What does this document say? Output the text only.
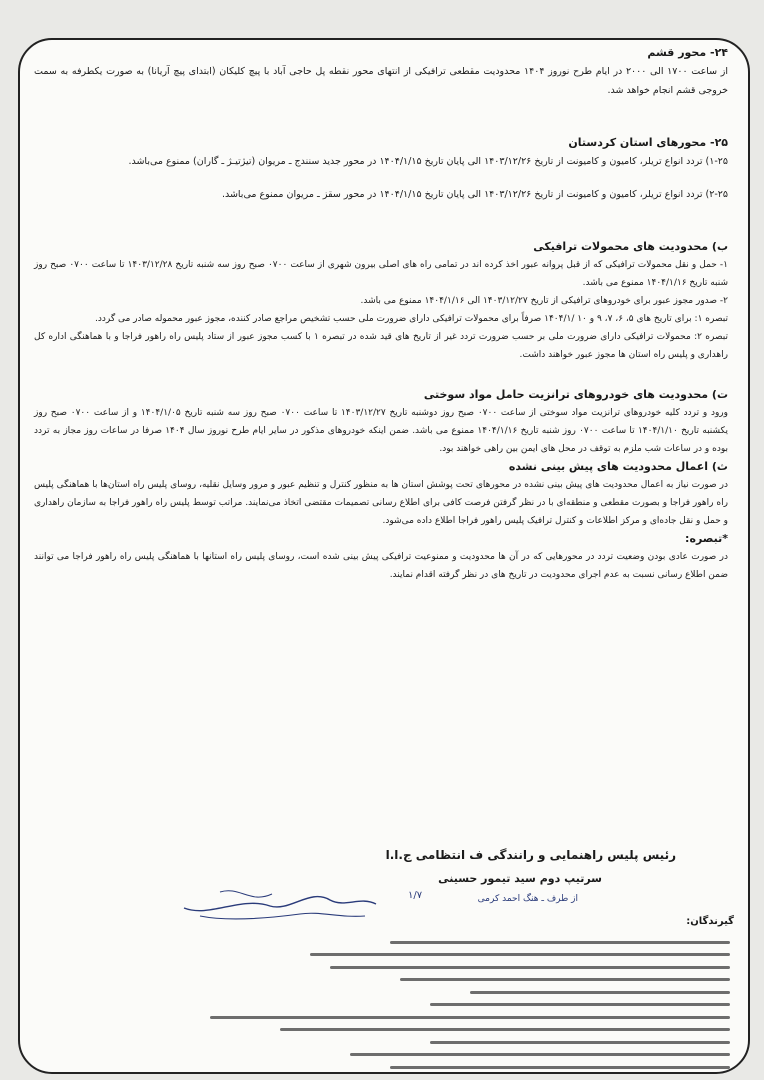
۲۴- محور قشم

از ساعت ۱۷۰۰ الی ۲۰۰۰ در ایام طرح نوروز ۱۴۰۴ محدودیت مقطعی ترافیکی از انتهای محور نقطه پل حاجی آباد با پیچ کلیکان (ابتدای پیچ آریانا) به صورت یکطرفه به سمت خروجی قشم انجام خواهد شد.

۲۵- محورهای استان کردستان

۱-۲۵) تردد انواع تریلر، کامیون و کامیونت از تاریخ ۱۴۰۳/۱۲/۲۶ الی پایان تاریخ ۱۴۰۴/۱/۱۵ در محور جدید سنندج ـ مریوان (تیژتیـژ ـ گاران) ممنوع می‌باشد.

۲-۲۵) تردد انواع تریلر، کامیون و کامیونت از تاریخ ۱۴۰۳/۱۲/۲۶ الی پایان تاریخ ۱۴۰۴/۱/۱۵ در محور سقز ـ مریوان ممنوع می‌باشد.

ب) محدودیت های محمولات ترافیکی

۱- حمل و نقل محمولات ترافیکی که از قبل پروانه عبور اخذ کرده اند در تمامی راه های اصلی بیرون شهری از ساعت ۰۷۰۰ صبح روز سه شنبه تاریخ ۱۴۰۳/۱۲/۲۸ تا ساعت ۰۷۰۰ صبح روز شنبه تاریخ ۱۴۰۴/۱/۱۶ ممنوع می باشد.

۲- صدور مجوز عبور برای خودروهای ترافیکی از تاریخ ۱۴۰۳/۱۲/۲۷ الی ۱۴۰۴/۱/۱۶ ممنوع می باشد.

تبصره ۱: برای تاریخ های ۵، ۶، ۷، ۹ و ۱۰ /۱۴۰۴/۱ صرفاً برای محمولات ترافیکی دارای ضرورت ملی حسب تشخیص مراجع صادر کننده، مجوز عبور محموله صادر می گردد.

تبصره ۲: محمولات ترافیکی دارای ضرورت ملی بر حسب ضرورت تردد غیر از تاریخ های قید شده در تبصره ۱ با کسب مجوز عبور از ستاد پلیس راه راهور فراجا و با هماهنگی اداره کل راهداری و پلیس راه استان ها مجوز عبور خواهند داشت.

ت) محدودیت های خودروهای ترانزیت حامل مواد سوختی

ورود و تردد کلیه خودروهای ترانزیت مواد سوختی از ساعت ۰۷۰۰ صبح روز دوشنبه تاریخ ۱۴۰۳/۱۲/۲۷ تا ساعت ۰۷۰۰ صبح روز سه شنبه تاریخ ۱۴۰۴/۱/۰۵ و از ساعت ۰۷۰۰ صبح روز یکشنبه تاریخ ۱۴۰۴/۱/۱۰ تا ساعت ۰۷۰۰ روز شنبه تاریخ ۱۴۰۴/۱/۱۶ ممنوع می باشد. ضمن اینکه خودروهای مذکور در سایر ایام طرح نوروز سال ۱۴۰۴ صرفا در ساعات روز مجاز به تردد بوده و در ساعات شب ملزم به توقف در محل های ایمن بین راهی خواهند بود.

ث) اعمال محدودیت های پیش بینی نشده

در صورت نیاز به اعمال محدودیت های پیش بینی نشده در محورهای تحت پوشش استان ها به منظور کنترل و تنظیم عبور و مرور وسایل نقلیه، روسای پلیس راه استان‌ها با هماهنگی پلیس راه راهور فراجا و بصورت مقطعی و منطقه‌ای با در نظر گرفتن فرصت کافی برای اطلاع رسانی تصمیمات مقتضی اتخاذ می‌نمایند. مراتب توسط پلیس راه راهور فراجا به سازمان راهداری و حمل و نقل جاده‌ای و مرکز اطلاعات و کنترل ترافیک پلیس راهور فراجا اطلاع داده می‌شود.

*تبصره:

در صورت عادی بودن وضعیت تردد در محورهایی که در آن ها محدودیت و ممنوعیت ترافیکی پیش بینی شده است، روسای پلیس راه استانها با هماهنگی پلیس راه راهور فراجا می توانند ضمن اطلاع رسانی نسبت به عدم اجرای محدودیت در تاریخ های در نظر گرفته اقدام نمایند.

رئیس پلیس راهنمایی و رانندگی ف انتظامی ج.ا.ا
سرتیپ دوم سید تیمور حسینی
از طرف ـ هنگ احمد کرمی
۱/۷
گیرندگان:
